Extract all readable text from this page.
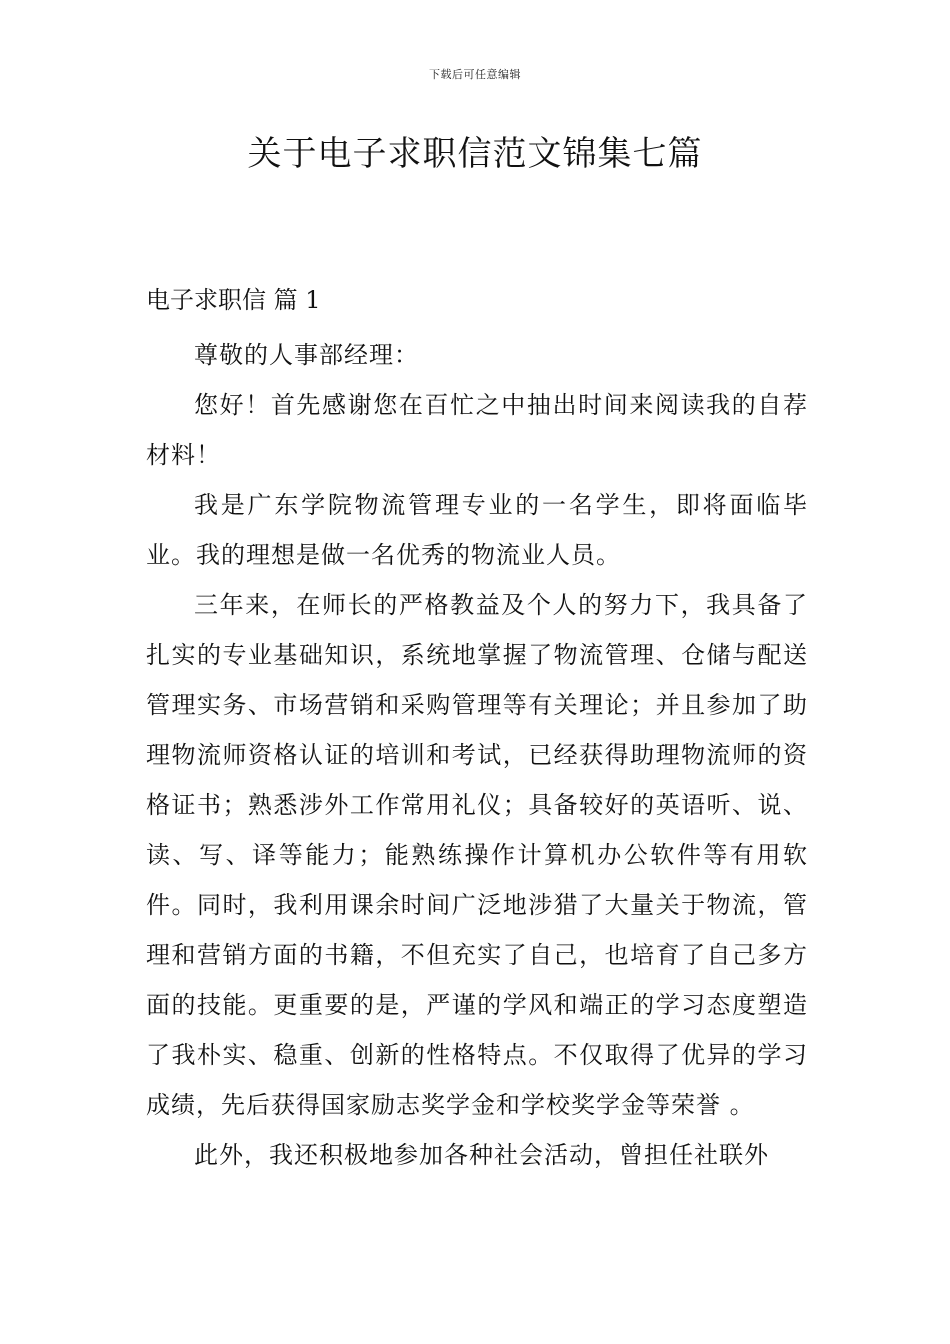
下载后可任意编辑
关于电子求职信范文锦集七篇
电子求职信 篇 1

尊敬的人事部经理：

您好！首先感谢您在百忙之中抽出时间来阅读我的自荐材料！

我是广东学院物流管理专业的一名学生，即将面临毕业。我的理想是做一名优秀的物流业人员。

三年来，在师长的严格教益及个人的努力下，我具备了扎实的专业基础知识，系统地掌握了物流管理、仓储与配送管理实务、市场营销和采购管理等有关理论；并且参加了助理物流师资格认证的培训和考试，已经获得助理物流师的资格证书；熟悉涉外工作常用礼仪；具备较好的英语听、说、读、写、译等能力；能熟练操作计算机办公软件等有用软件。同时，我利用课余时间广泛地涉猎了大量关于物流，管理和营销方面的书籍，不但充实了自己，也培育了自己多方面的技能。更重要的是，严谨的学风和端正的学习态度塑造了我朴实、稳重、创新的性格特点。不仅取得了优异的学习成绩，先后获得国家励志奖学金和学校奖学金等荣誉 。

此外，我还积极地参加各种社会活动，曾担任社联外
